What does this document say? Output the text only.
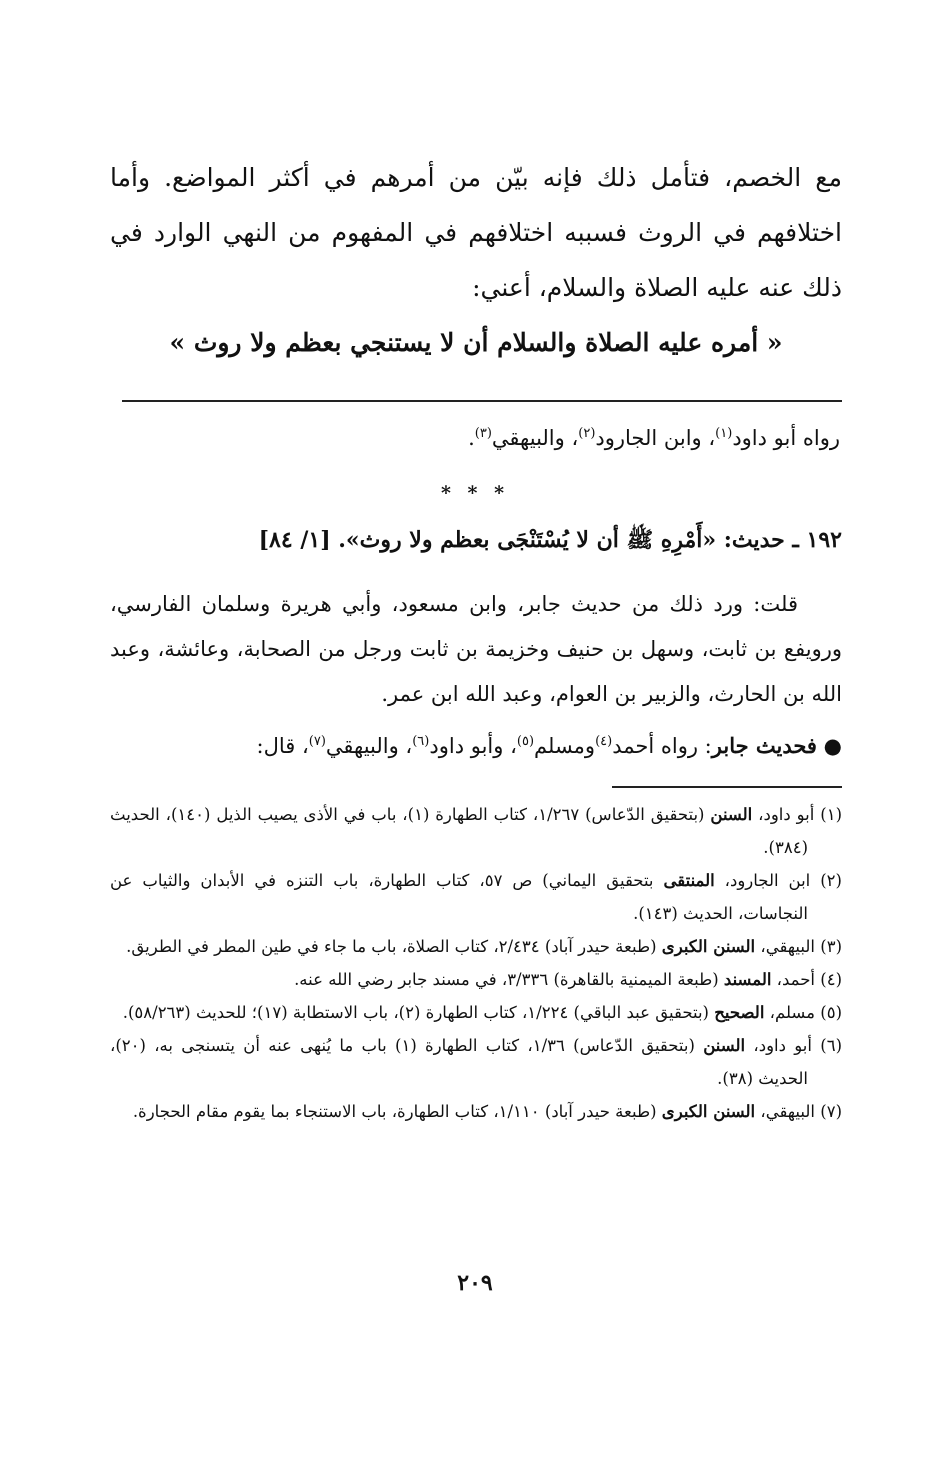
مع الخصم، فتأمل ذلك فإنه بيّن من أمرهم في أكثر المواضع. وأما اختلافهم في الروث فسببه اختلافهم في المفهوم من النهي الوارد في ذلك عنه عليه الصلاة والسلام، أعني:
« أمره عليه الصلاة والسلام أن لا يستنجي بعظم ولا روث »
رواه أبو داود$^{(١)}$، وابن الجارود$^{(٢)}$، والبيهقي$^{(٣)}$.
* * *
١٩٢ ـ حديث: «أَمْرِهِ ﷺ أن لا يُسْتَنْجَى بعظم ولا روث». [١/ ٨٤]

قلت: ورد ذلك من حديث جابر، وابن مسعود، وأبي هريرة وسلمان الفارسي، ورويفع بن ثابت، وسهل بن حنيف وخزيمة بن ثابت ورجل من الصحابة، وعائشة، وعبد الله بن الحارث، والزبير بن العوام، وعبد الله ابن عمر.

● فحديث جابر: رواه أحمد$^{(٤)}$ومسلم$^{(٥)}$، وأبو داود$^{(٦)}$، والبيهقي$^{(٧)}$، قال:
(١) أبو داود، السنن (بتحقيق الدّعاس) ١/٢٦٧، كتاب الطهارة (١)، باب في الأذى يصيب الذيل (١٤٠)، الحديث (٣٨٤).
(٢) ابن الجارود، المنتقى بتحقيق اليماني) ص ٥٧، كتاب الطهارة، باب التنزه في الأبدان والثياب عن النجاسات، الحديث (١٤٣).
(٣) البيهقي، السنن الكبرى (طبعة حيدر آباد) ٢/٤٣٤، كتاب الصلاة، باب ما جاء في طين المطر في الطريق.
(٤) أحمد، المسند (طبعة الميمنية بالقاهرة) ٣/٣٣٦، في مسند جابر رضي الله عنه.
(٥) مسلم، الصحيح (بتحقيق عبد الباقي) ١/٢٢٤، كتاب الطهارة (٢)، باب الاستطابة (١٧)؛ للحديث (٥٨/٢٦٣).
(٦) أبو داود، السنن (بتحقيق الدّعاس) ١/٣٦، كتاب الطهارة (١) باب ما يُنهى عنه أن يتسنجى به، (٢٠)، الحديث (٣٨).
(٧) البيهقي، السنن الكبرى (طبعة حيدر آباد) ١/١١٠، كتاب الطهارة، باب الاستنجاء بما يقوم مقام الحجارة.
٢٠٩
